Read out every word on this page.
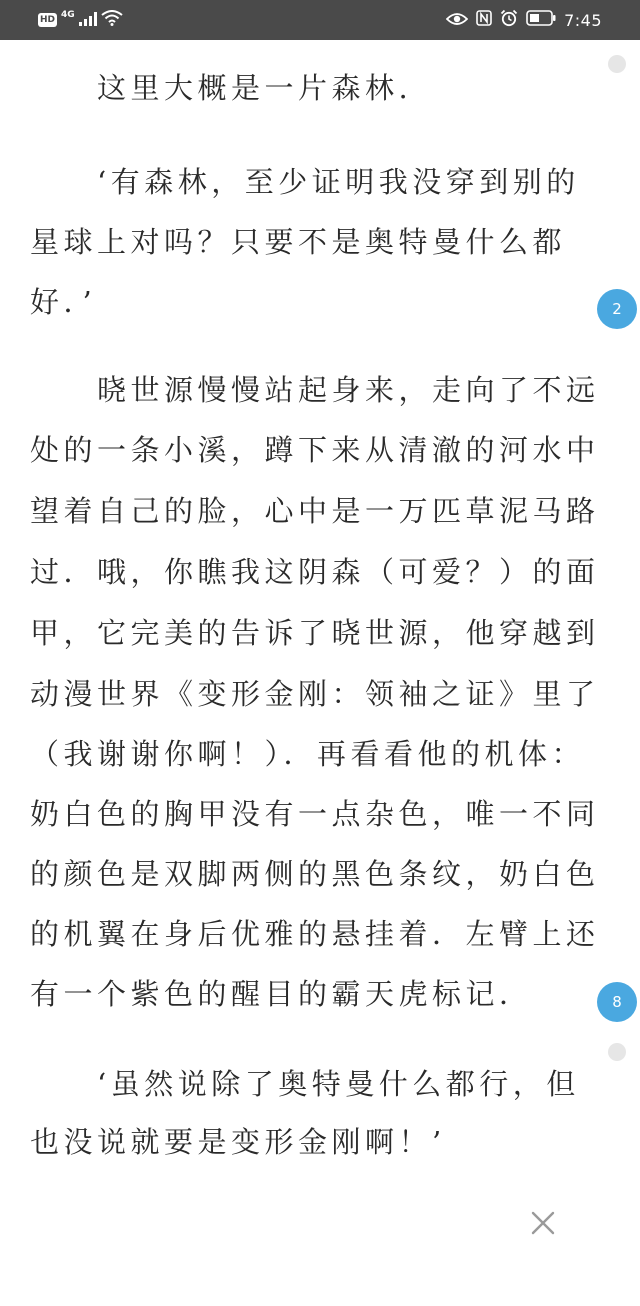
HD 4G	7:45
　　这里大概是一片森林.
　　‘有森林，至少证明我没穿到别的
星球上对吗？只要不是奥特曼什么都
好．’
　　晓世源慢慢站起身来，走向了不远
处的一条小溪，蹲下来从清澈的河水中
望着自己的脸，心中是一万匹草泥马路
过．哦，你瞧我这阴森（可爱？）的面
甲，它完美的告诉了晓世源，他穿越到
动漫世界《变形金刚：领袖之证》里了
（我谢谢你啊！）．再看看他的机体：
奶白色的胸甲没有一点杂色，唯一不同
的颜色是双脚两侧的黑色条纹，奶白色
的机翼在身后优雅的悬挂着．左臂上还
有一个紫色的醒目的霸天虎标记．
　　‘虽然说除了奥特曼什么都行，但
也没说就要是变形金刚啊！’
2
8
